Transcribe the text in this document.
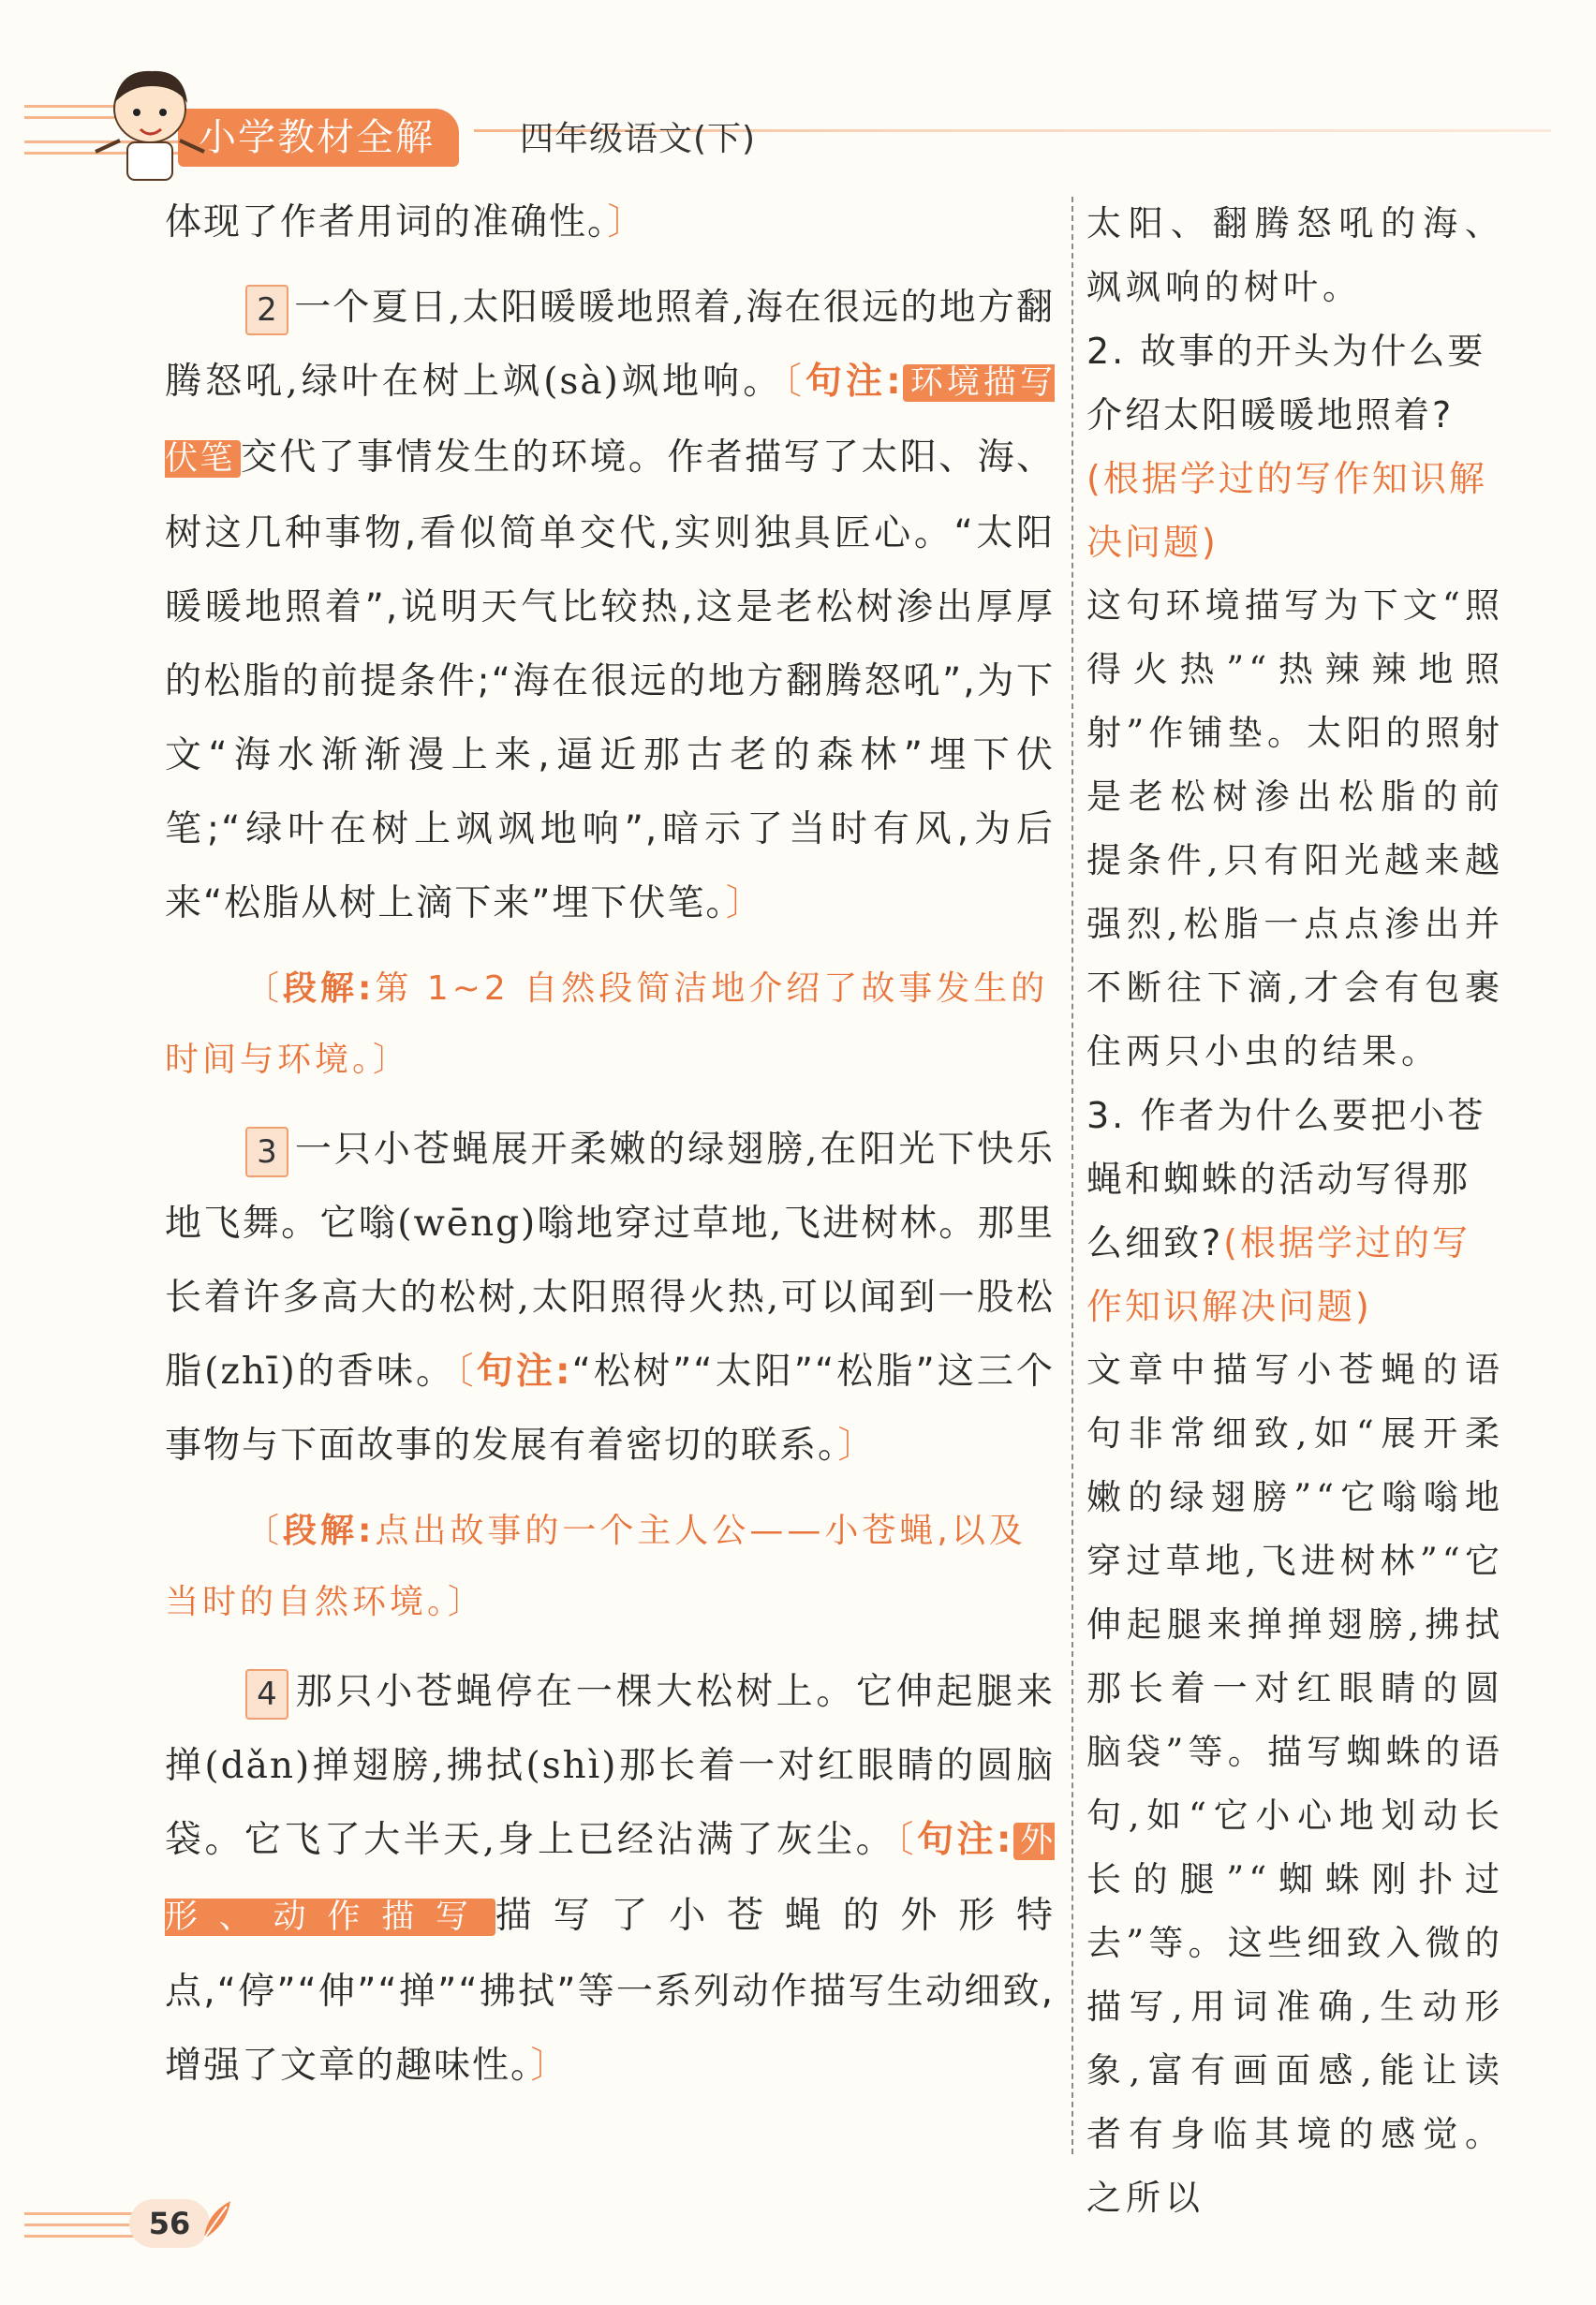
小学教材全解	四年级语文(下)

体现了作者用词的准确性。〕

2 一个夏日,太阳暖暖地照着,海在很远的地方翻腾怒吼,绿叶在树上飒(sà)飒地响。〔句注: 环境描写 伏笔 交代了事情发生的环境。作者描写了太阳、海、树这几种事物,看似简单交代,实则独具匠心。“太阳暖暖地照着”,说明天气比较热,这是老松树渗出厚厚的松脂的前提条件;“海在很远的地方翻腾怒吼”,为下文“海水渐渐漫上来,逼近那古老的森林”埋下伏笔;“绿叶在树上飒飒地响”,暗示了当时有风,为后来“松脂从树上滴下来”埋下伏笔。〕

〔段解:第 1~2 自然段简洁地介绍了故事发生的时间与环境。〕

3 一只小苍蝇展开柔嫩的绿翅膀,在阳光下快乐地飞舞。它嗡(wēng)嗡地穿过草地,飞进树林。那里长着许多高大的松树,太阳照得火热,可以闻到一股松脂(zhī)的香味。〔句注:“松树”“太阳”“松脂”这三个事物与下面故事的发展有着密切的联系。〕

〔段解:点出故事的一个主人公——小苍蝇,以及当时的自然环境。〕

4 那只小苍蝇停在一棵大松树上。它伸起腿来掸(dǎn)掸翅膀,拂拭(shì)那长着一对红眼睛的圆脑袋。它飞了大半天,身上已经沾满了灰尘。〔句注: 外形、动作描写 描写了小苍蝇的外形特点,“停”“伸”“掸”“拂拭”等一系列动作描写生动细致,增强了文章的趣味性。〕

太阳、翻腾怒吼的海、飒飒响的树叶。

2. 故事的开头为什么要介绍太阳暖暖地照着?(根据学过的写作知识解决问题)

这句环境描写为下文“照得火热”“热辣辣地照射”作铺垫。太阳的照射是老松树渗出松脂的前提条件,只有阳光越来越强烈,松脂一点点渗出并不断往下滴,才会有包裹住两只小虫的结果。

3. 作者为什么要把小苍蝇和蜘蛛的活动写得那么细致?(根据学过的写作知识解决问题)

文章中描写小苍蝇的语句非常细致,如“展开柔嫩的绿翅膀”“它嗡嗡地穿过草地,飞进树林”“它伸起腿来掸掸翅膀,拂拭那长着一对红眼睛的圆脑袋”等。描写蜘蛛的语句,如“它小心地划动长长的腿”“蜘蛛刚扑过去”等。这些细致入微的描写,用词准确,生动形象,富有画面感,能让读者有身临其境的感觉。之所以

56
